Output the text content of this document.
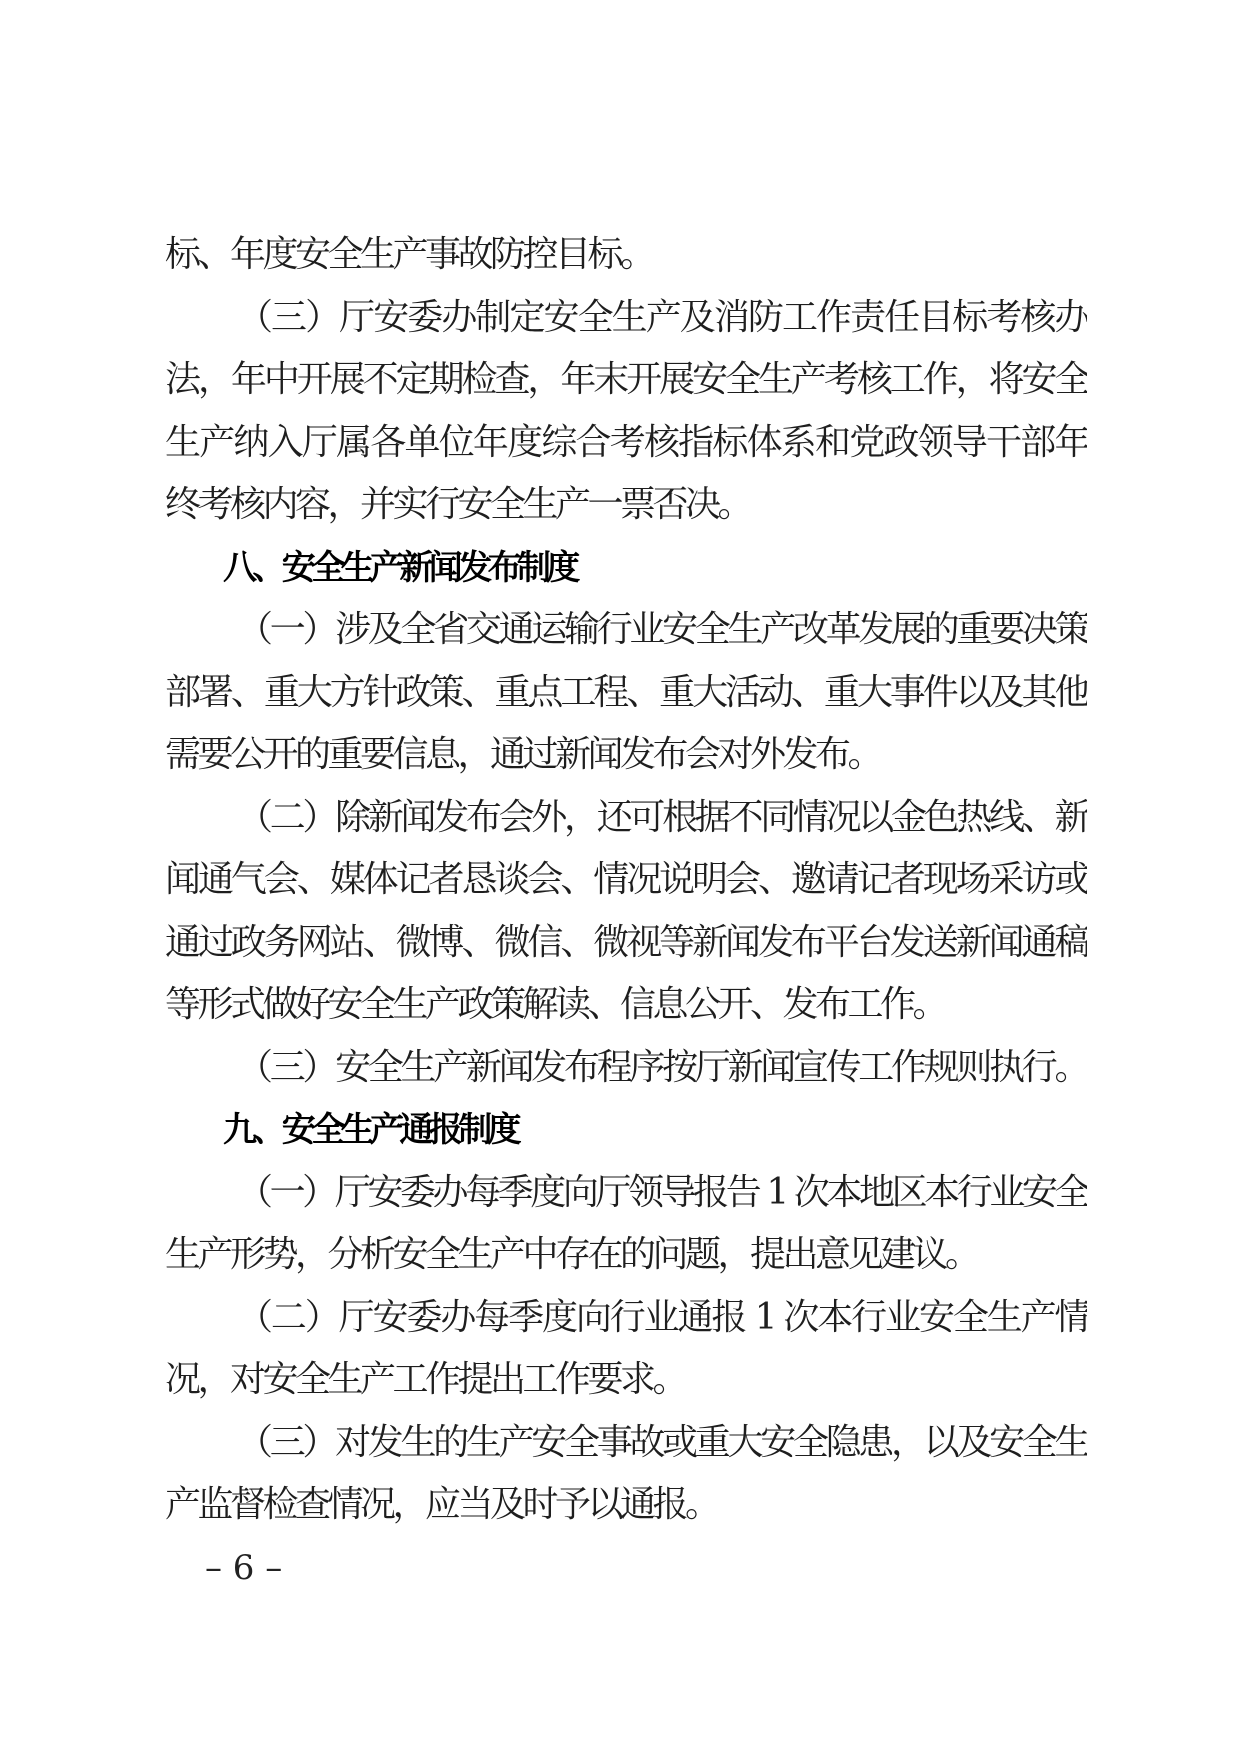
标、年度安全生产事故防控目标。
（三）厅安委办制定安全生产及消防工作责任目标考核办
法，年中开展不定期检查，年末开展安全生产考核工作，将安全
生产纳入厅属各单位年度综合考核指标体系和党政领导干部年
终考核内容，并实行安全生产一票否决。
八、安全生产新闻发布制度
（一）涉及全省交通运输行业安全生产改革发展的重要决策
部署、重大方针政策、重点工程、重大活动、重大事件以及其他
需要公开的重要信息，通过新闻发布会对外发布。
（二）除新闻发布会外，还可根据不同情况以金色热线、新
闻通气会、媒体记者恳谈会、情况说明会、邀请记者现场采访或
通过政务网站、微博、微信、微视等新闻发布平台发送新闻通稿
等形式做好安全生产政策解读、信息公开、发布工作。
（三）安全生产新闻发布程序按厅新闻宣传工作规则执行。
九、安全生产通报制度
（一）厅安委办每季度向厅领导报告 1 次本地区本行业安全
生产形势，分析安全生产中存在的问题，提出意见建议。
（二）厅安委办每季度向行业通报 1 次本行业安全生产情
况，对安全生产工作提出工作要求。
（三）对发生的生产安全事故或重大安全隐患，以及安全生
产监督检查情况，应当及时予以通报。
– 6 –
